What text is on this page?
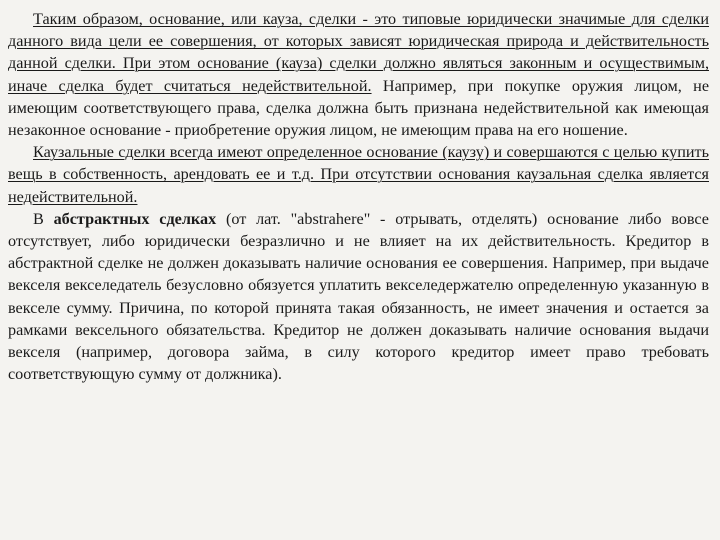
Таким образом, основание, или кауза, сделки - это типовые юридически значимые для сделки данного вида цели ее совершения, от которых зависят юридическая природа и действительность данной сделки. При этом основание (кауза) сделки должно являться законным и осуществимым, иначе сделка будет считаться недействительной. Например, при покупке оружия лицом, не имеющим соответствующего права, сделка должна быть признана недействительной как имеющая незаконное основание - приобретение оружия лицом, не имеющим права на его ношение.

Каузальные сделки всегда имеют определенное основание (каузу) и совершаются с целью купить вещь в собственность, арендовать ее и т.д. При отсутствии основания каузальная сделка является недействительной.

В абстрактных сделках (от лат. "abstrahere" - отрывать, отделять) основание либо вовсе отсутствует, либо юридически безразлично и не влияет на их действительность. Кредитор в абстрактной сделке не должен доказывать наличие основания ее совершения. Например, при выдаче векселя векселедатель безусловно обязуется уплатить векселедержателю определенную указанную в векселе сумму. Причина, по которой принята такая обязанность, не имеет значения и остается за рамками вексельного обязательства. Кредитор не должен доказывать наличие основания выдачи векселя (например, договора займа, в силу которого кредитор имеет право требовать соответствующую сумму от должника).
